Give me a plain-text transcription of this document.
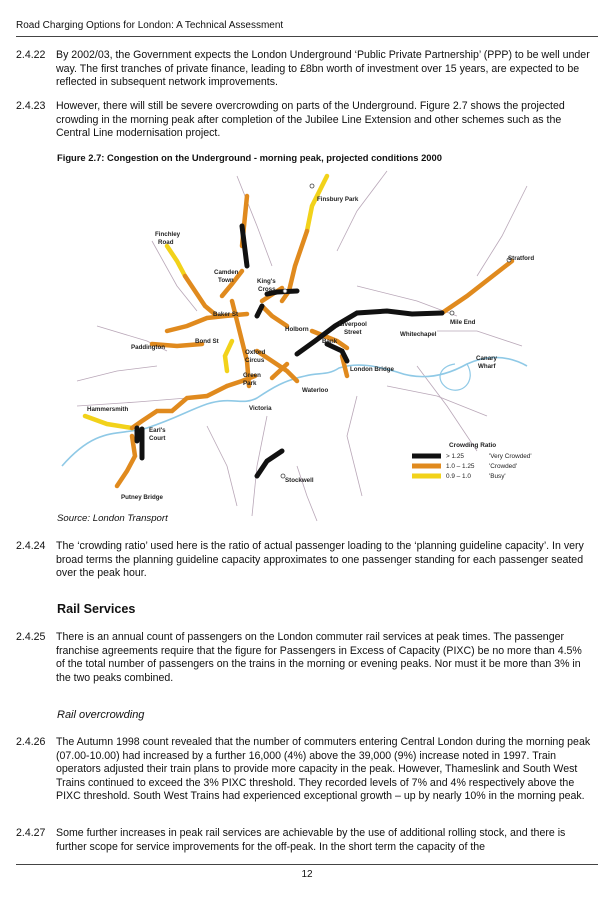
Road Charging Options for London: A Technical Assessment
2.4.22 By 2002/03, the Government expects the London Underground ‘Public Private Partnership’ (PPP) to be well under way. The first tranches of private finance, leading to £8bn worth of investment over 15 years, are expected to be reflected in subsequent network improvements.
2.4.23 However, there will still be severe overcrowding on parts of the Underground. Figure 2.7 shows the projected crowding in the morning peak after completion of the Jubilee Line Extension and other schemes such as the Central Line modernisation project.
Figure 2.7: Congestion on the Underground - morning peak, projected conditions 2000
Finsbury Park
Finchley
Road
Camden
Town	King's
Cross
Stratford
Baker St
Liverpool
Street
Mile End
Paddington
Bond St
Holborn
Whitechapel
Oxford
Circus
Bank
Canary
Wharf
Green
Park
London Bridge
Waterloo
Victoria
Hammersmith
Earl's
Court
Stockwell
Putney Bridge
Crowding Ratio
> 1.25	'Very Crowded'
1.0 – 1.25 'Crowded'
0.9 – 1.0	'Busy'
Source: London Transport
2.4.24 The ‘crowding ratio’ used here is the ratio of actual passenger loading to the ‘planning guideline capacity’. In very broad terms the planning guideline capacity approximates to one passenger standing for each passenger seated over the peak hour.
Rail Services
2.4.25 There is an annual count of passengers on the London commuter rail services at peak times. The passenger franchise agreements require that the figure for Passengers in Excess of Capacity (PIXC) be no more than 4.5% of the total number of passengers on the trains in the morning or evening peaks. Nor must it be more than 3% in the two peaks combined.
Rail overcrowding
2.4.26 The Autumn 1998 count revealed that the number of commuters entering Central London during the morning peak (07.00-10.00) had increased by a further 16,000 (4%) above the 39,000 (9%) increase noted in 1997. Train operators adjusted their train plans to provide more capacity in the peak. However, Thameslink and South West Trains continued to exceed the 3% PIXC threshold. They recorded levels of 7% and 4% respectively above the PIXC threshold. South West Trains had experienced exceptional growth – up by nearly 10% in the morning peak.
2.4.27 Some further increases in peak rail services are achievable by the use of additional rolling stock, and there is further scope for service improvements for the off-peak. In the short term the capacity of the
12
